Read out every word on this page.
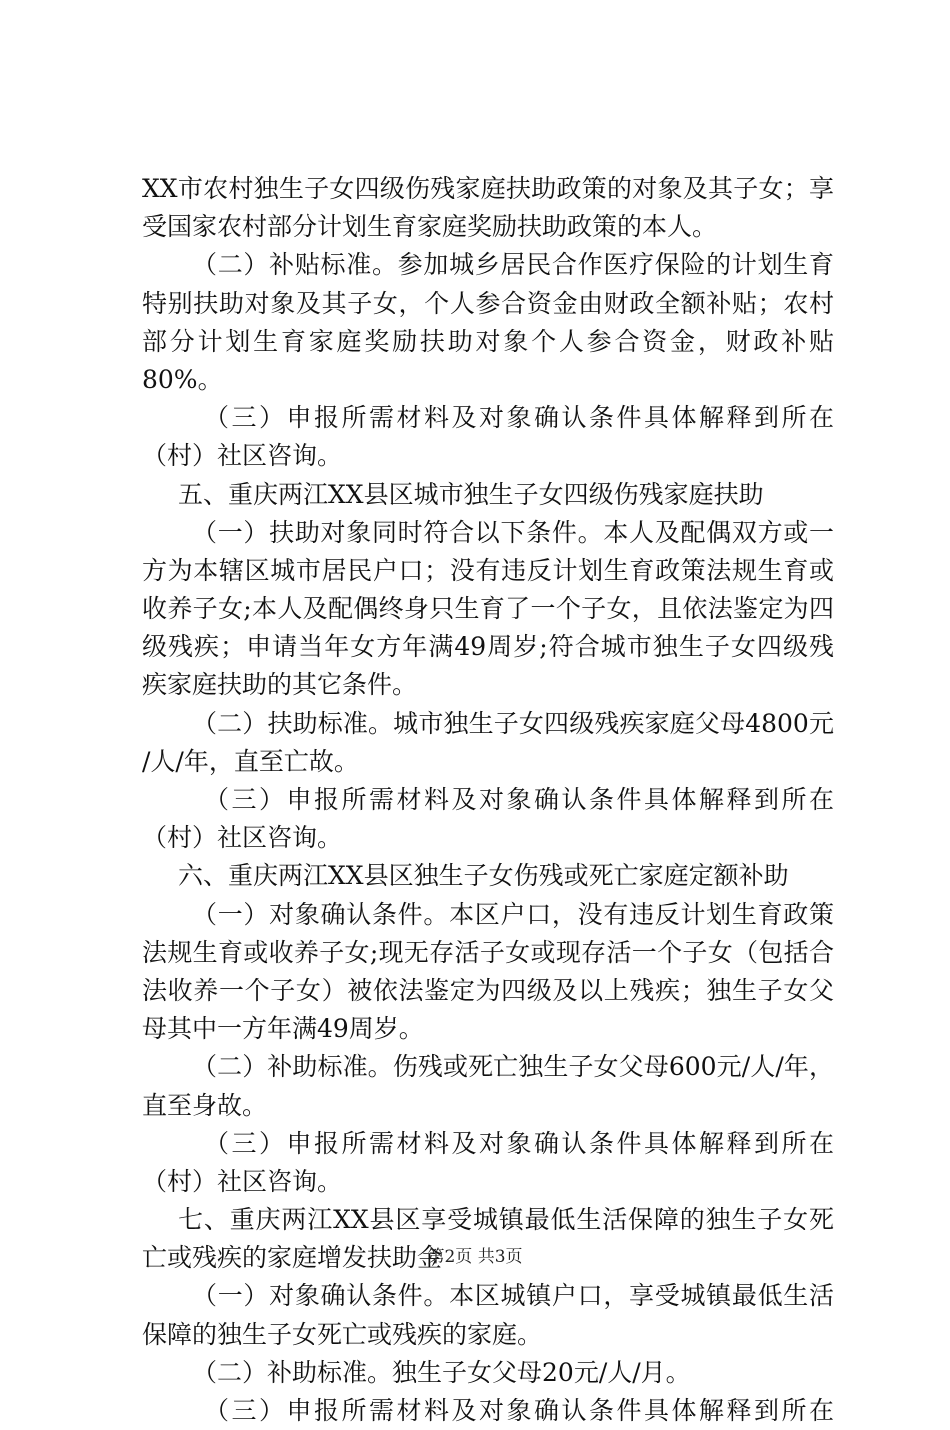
XX市农村独生子女四级伤残家庭扶助政策的对象及其子女；享
受国家农村部分计划生育家庭奖励扶助政策的本人。
（二）补贴标准。参加城乡居民合作医疗保险的计划生育
特别扶助对象及其子女，个人参合资金由财政全额补贴；农村
部分计划生育家庭奖励扶助对象个人参合资金，财政补贴
80%。
（三）申报所需材料及对象确认条件具体解释到所在
（村）社区咨询。
五、重庆两江XX县区城市独生子女四级伤残家庭扶助
（一）扶助对象同时符合以下条件。本人及配偶双方或一
方为本辖区城市居民户口；没有违反计划生育政策法规生育或
收养子女;本人及配偶终身只生育了一个子女，且依法鉴定为四
级残疾；申请当年女方年满49周岁;符合城市独生子女四级残
疾家庭扶助的其它条件。
（二）扶助标准。城市独生子女四级残疾家庭父母4800元
/人/年，直至亡故。
（三）申报所需材料及对象确认条件具体解释到所在
（村）社区咨询。
六、重庆两江XX县区独生子女伤残或死亡家庭定额补助
（一）对象确认条件。本区户口，没有违反计划生育政策
法规生育或收养子女;现无存活子女或现存活一个子女（包括合
法收养一个子女）被依法鉴定为四级及以上残疾；独生子女父
母其中一方年满49周岁。
（二）补助标准。伤残或死亡独生子女父母600元/人/年，
直至身故。
（三）申报所需材料及对象确认条件具体解释到所在
（村）社区咨询。
七、重庆两江XX县区享受城镇最低生活保障的独生子女死
亡或残疾的家庭增发扶助金
（一）对象确认条件。本区城镇户口，享受城镇最低生活
保障的独生子女死亡或残疾的家庭。
（二）补助标准。独生子女父母20元/人/月。
（三）申报所需材料及对象确认条件具体解释到所在
第2页 共3页
